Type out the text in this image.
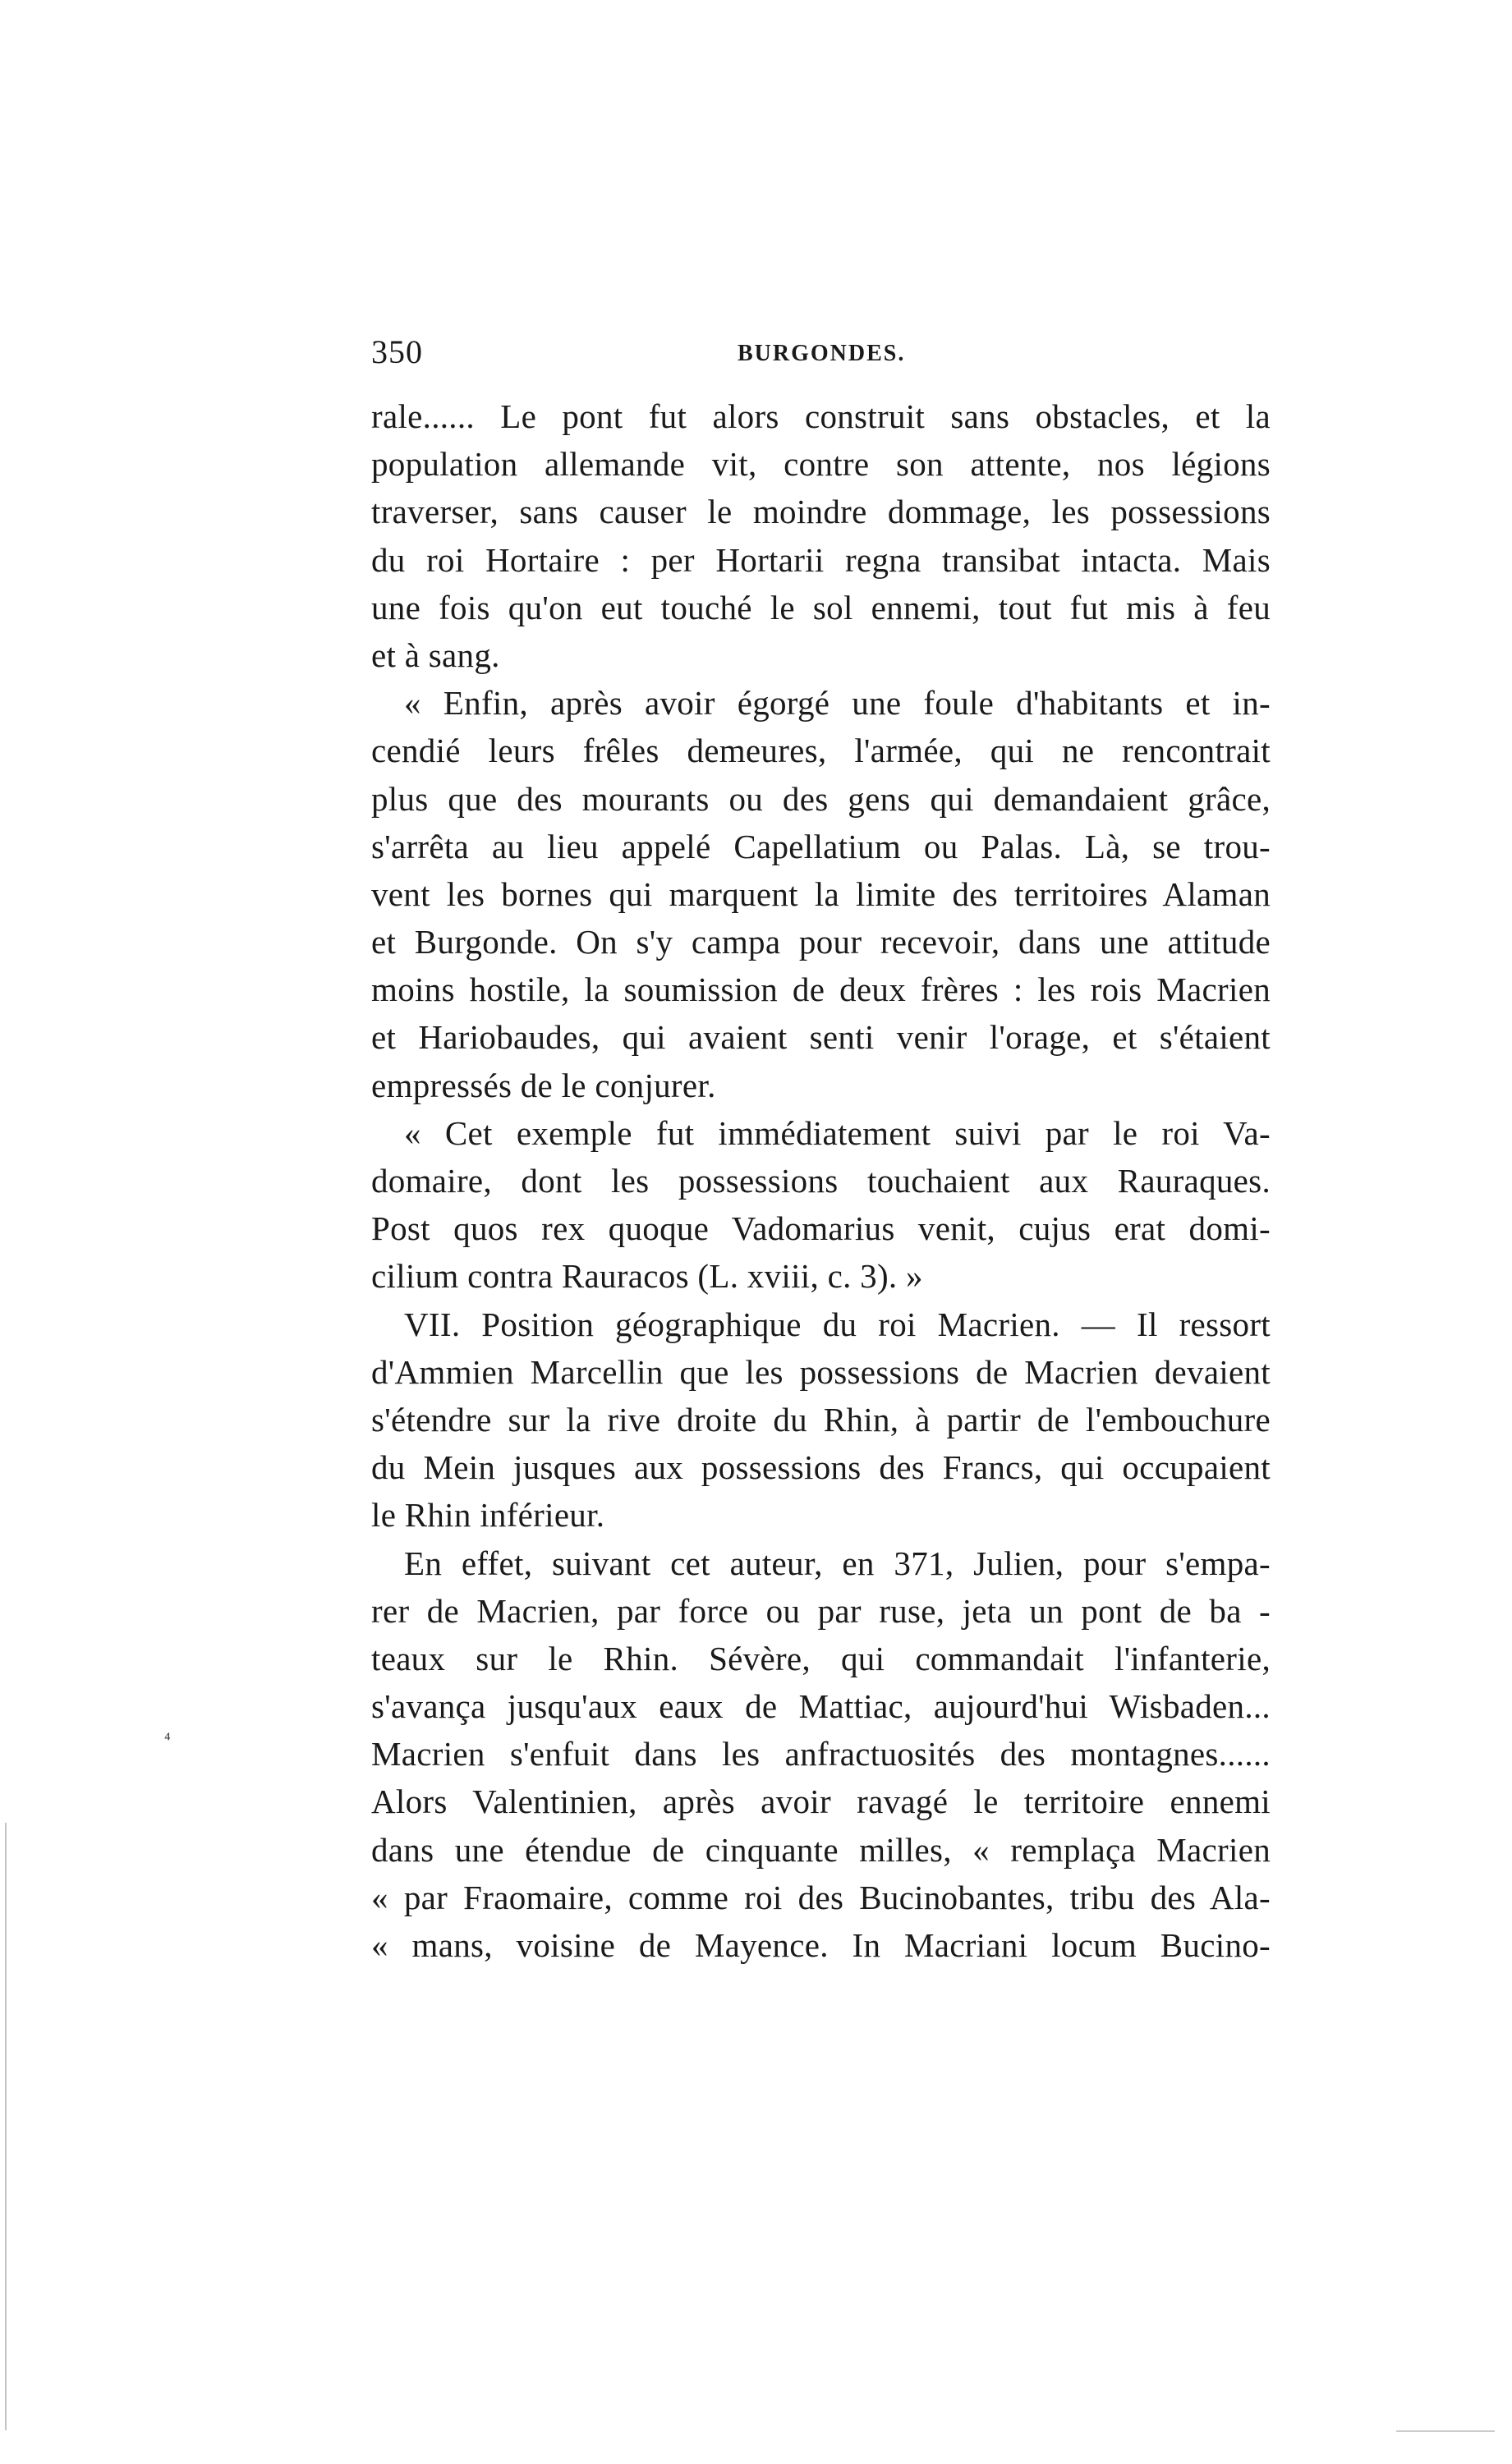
350	BURGONDES.
rale...... Le pont fut alors construit sans obstacles, et la
population allemande vit, contre son attente, nos légions
traverser, sans causer le moindre dommage, les possessions
du roi Hortaire : per Hortarii regna transibat intacta. Mais
une fois qu'on eut touché le sol ennemi, tout fut mis à feu
et à sang.
« Enfin, après avoir égorgé une foule d'habitants et in-
cendié leurs frêles demeures, l'armée, qui ne rencontrait
plus que des mourants ou des gens qui demandaient grâce,
s'arrêta au lieu appelé Capellatium ou Palas. Là, se trou-
vent les bornes qui marquent la limite des territoires Alaman
et Burgonde. On s'y campa pour recevoir, dans une attitude
moins hostile, la soumission de deux frères : les rois Macrien
et Hariobaudes, qui avaient senti venir l'orage, et s'étaient
empressés de le conjurer.
« Cet exemple fut immédiatement suivi par le roi Va-
domaire, dont les possessions touchaient aux Rauraques.
Post quos rex quoque Vadomarius venit, cujus erat domi-
cilium contra Rauracos (L. xviii, c. 3). »
VII. Position géographique du roi Macrien. — Il ressort
d'Ammien Marcellin que les possessions de Macrien devaient
s'étendre sur la rive droite du Rhin, à partir de l'embouchure
du Mein jusques aux possessions des Francs, qui occupaient
le Rhin inférieur.
En effet, suivant cet auteur, en 371, Julien, pour s'empa-
rer de Macrien, par force ou par ruse, jeta un pont de ba -
teaux sur le Rhin. Sévère, qui commandait l'infanterie,
s'avança jusqu'aux eaux de Mattiac, aujourd'hui Wisbaden...
Macrien s'enfuit dans les anfractuosités des montagnes......
Alors Valentinien, après avoir ravagé le territoire ennemi
dans une étendue de cinquante milles, « remplaça Macrien
« par Fraomaire, comme roi des Bucinobantes, tribu des Ala-
« mans, voisine de Mayence. In Macriani locum Bucino-
⁴
